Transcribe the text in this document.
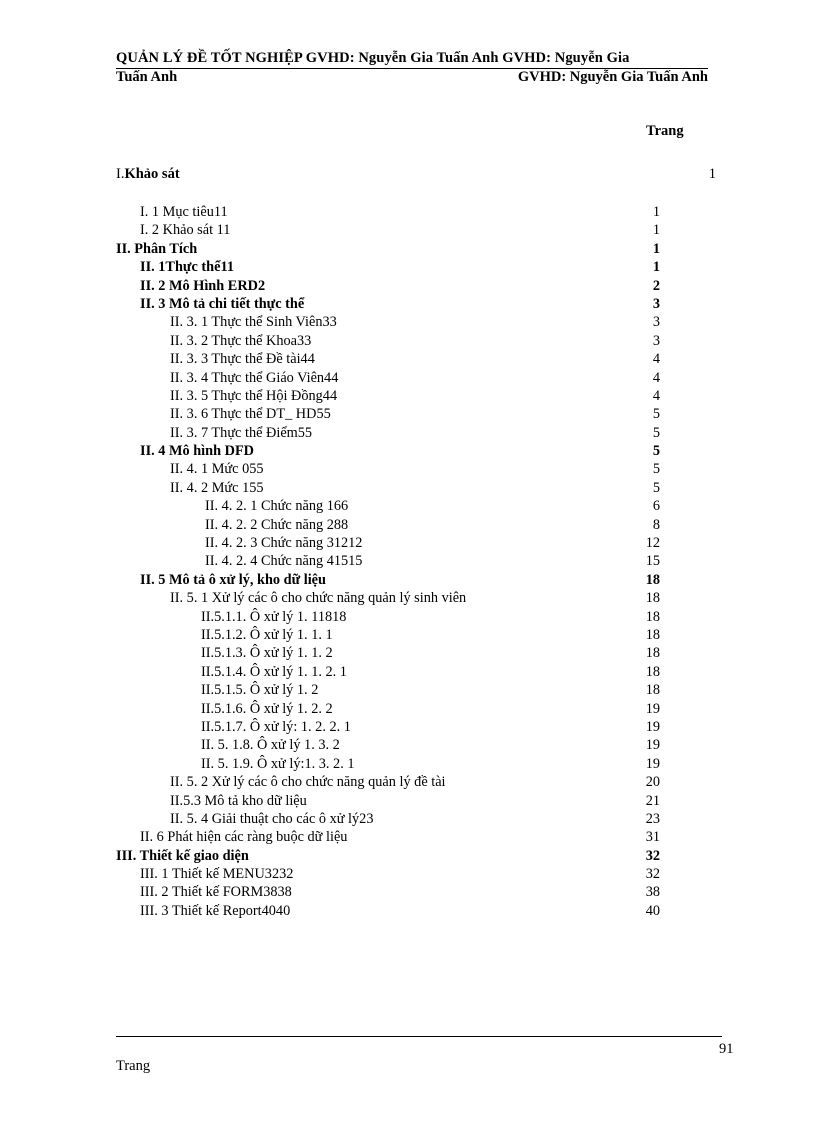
QUẢN LÝ ĐỀ TỐT NGHIỆP GVHD: Nguyễn Gia Tuấn Anh GVHD: Nguyễn Gia
Tuấn Anh	GVHD: Nguyễn Gia Tuấn Anh
Trang
I.Khảo sát	1
I. 1 Mục tiêu11	1
I. 2 Khảo sát 11	1
II. Phân Tích	1
II. 1Thực thể11	1
II. 2 Mô Hình ERD2	2
II. 3 Mô tả chi tiết thực thể	3
II. 3. 1 Thực thể Sinh Viên33	3
II. 3. 2 Thực thể Khoa33	3
II. 3. 3 Thực thể Đề tài44	4
II. 3. 4 Thực thể Giáo Viên44	4
II. 3. 5 Thực thể Hội Đồng44	4
II. 3. 6 Thực thể DT_ HD55	5
II. 3. 7 Thực thể Điểm55	5
II. 4 Mô hình DFD	5
II. 4. 1 Mức 055	5
II. 4. 2 Mức 155	5
II. 4. 2. 1 Chức năng 166	6
II. 4. 2. 2 Chức năng 288	8
II. 4. 2. 3 Chức năng 31212	12
II. 4. 2. 4 Chức năng 41515	15
II. 5 Mô tả ô xử lý, kho dữ liệu	18
II. 5. 1 Xử lý các ô cho chức năng quản lý sinh viên	18
II.5.1.1. Ô xử lý 1. 11818	18
II.5.1.2. Ô xử lý 1. 1. 1	18
II.5.1.3. Ô xử lý 1. 1. 2	18
II.5.1.4. Ô xử lý 1. 1. 2. 1	18
II.5.1.5. Ô xử lý 1. 2	18
II.5.1.6. Ô xử lý 1. 2. 2	19
II.5.1.7. Ô xử lý: 1. 2. 2. 1	19
II. 5. 1.8. Ô xử lý 1. 3. 2	19
II. 5. 1.9. Ô xử lý:1. 3. 2. 1	19
II. 5. 2 Xử lý các ô cho chức năng quản lý đề tài	20
II.5.3 Mô tả kho dữ liệu	21
II. 5. 4 Giải thuật cho các ô xử lý23	23
II. 6 Phát hiện các ràng buộc dữ liệu	31
III. Thiết kế giao diện	32
III. 1 Thiết kế MENU3232	32
III. 2 Thiết kế FORM3838	38
III. 3 Thiết kế Report4040	40
91
Trang
